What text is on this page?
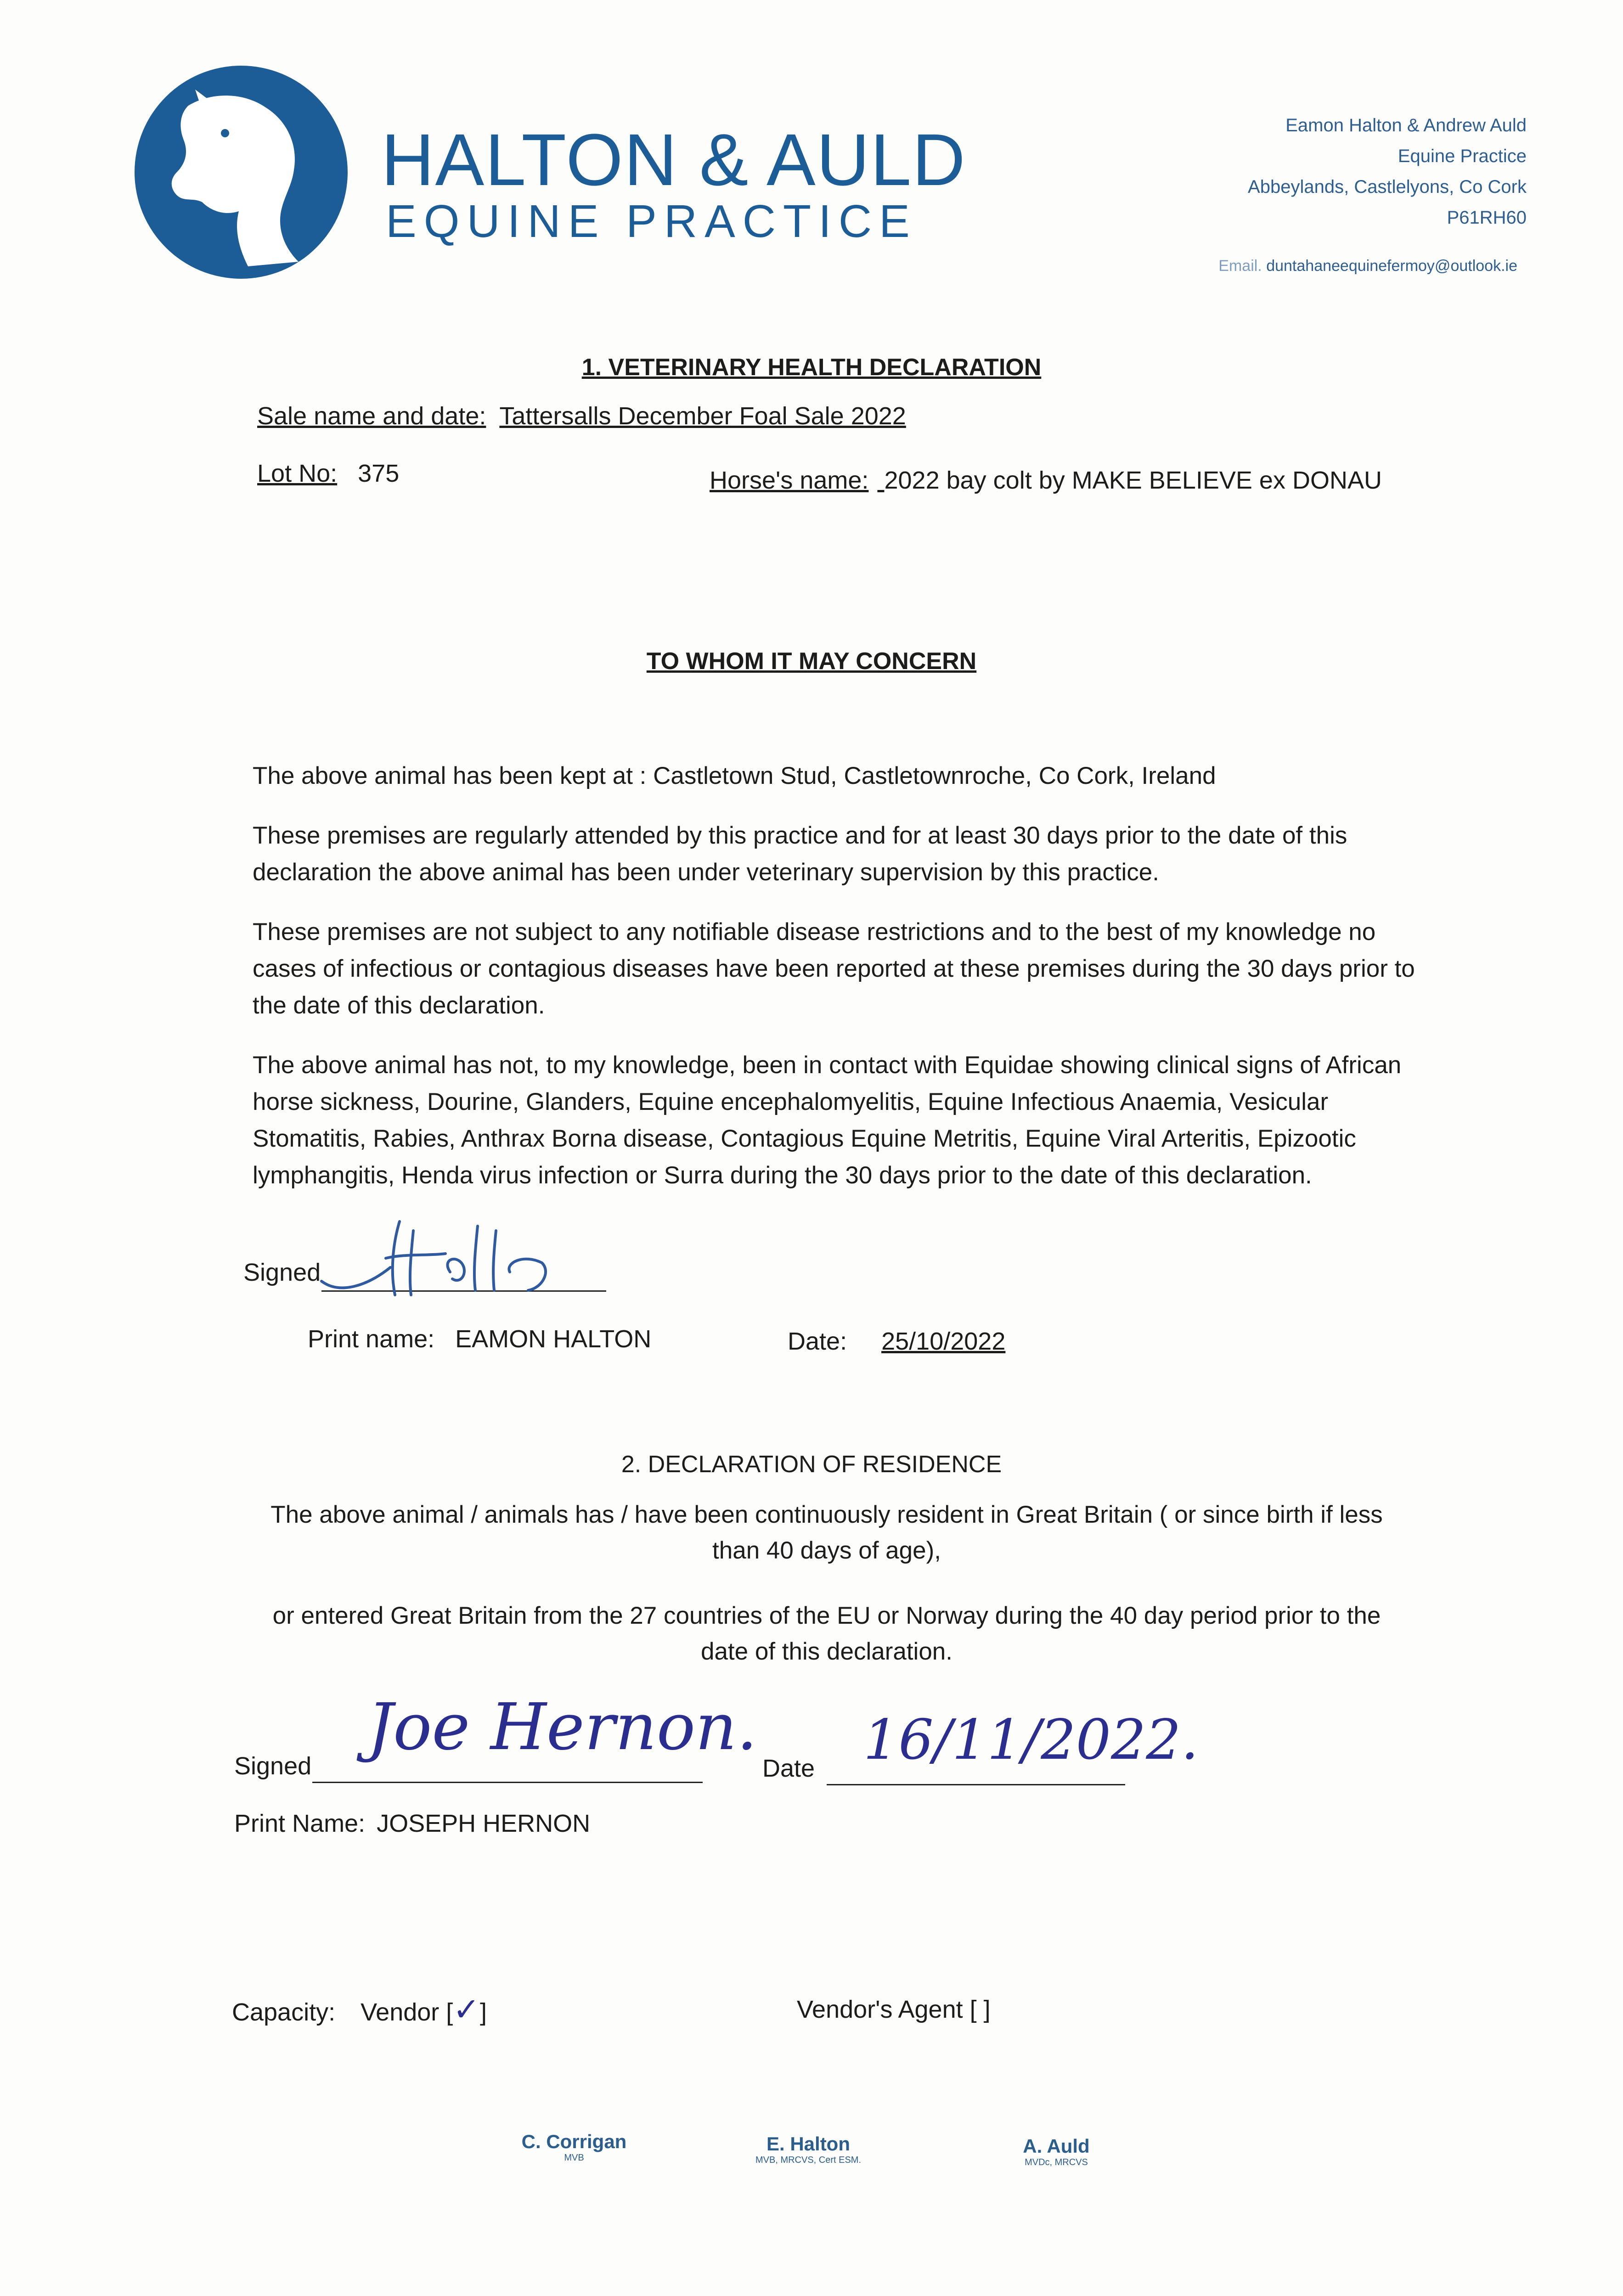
HALTON & AULD
EQUINE PRACTICE
Eamon Halton & Andrew Auld
Equine Practice
Abbeylands, Castlelyons, Co Cork
P61RH60
Email. duntahaneequinefermoy@outlook.ie
1. VETERINARY HEALTH DECLARATION
Sale name and date: Tattersalls December Foal Sale 2022
Lot No: 375	Horse's name: 2022 bay colt by MAKE BELIEVE ex DONAU
TO WHOM IT MAY CONCERN

The above animal has been kept at : Castletown Stud, Castletownroche, Co Cork, Ireland

These premises are regularly attended by this practice and for at least 30 days prior to the date of this declaration the above animal has been under veterinary supervision by this practice.

These premises are not subject to any notifiable disease restrictions and to the best of my knowledge no cases of infectious or contagious diseases have been reported at these premises during the 30 days prior to the date of this declaration.

The above animal has not, to my knowledge, been in contact with Equidae showing clinical signs of African horse sickness, Dourine, Glanders, Equine encephalomyelitis, Equine Infectious Anaemia, Vesicular Stomatitis, Rabies, Anthrax Borna disease, Contagious Equine Metritis, Equine Viral Arteritis, Epizootic lymphangitis, Henda virus infection or Surra during the 30 days prior to the date of this declaration.

Signed
Print name: EAMON HALTON	Date: 25/10/2022
2. DECLARATION OF RESIDENCE
The above animal / animals has / have been continuously resident in Great Britain ( or since birth if less than 40 days of age),
or entered Great Britain from the 27 countries of the EU or Norway during the 40 day period prior to the date of this declaration.
Signed
Joe Hernon.
Date 16/11/2022.
Print Name: JOSEPH HERNON
Capacity: Vendor [✓]	Vendor's Agent [ ]
C. Corrigan
MVB
E. Halton
MVB, MRCVS, Cert ESM.
A. Auld
MVDc, MRCVS
